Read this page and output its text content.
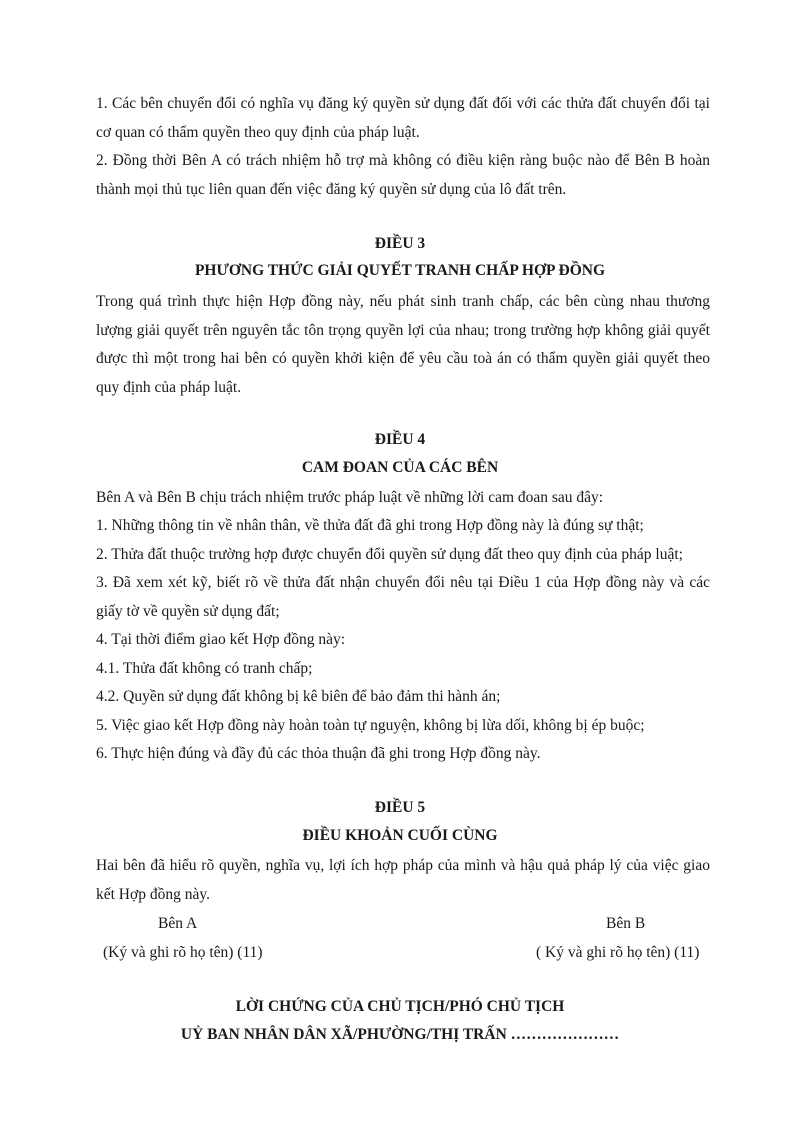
1. Các bên chuyển đổi có nghĩa vụ đăng ký quyền sử dụng đất đối với các thửa đất chuyển đổi tại cơ quan có thẩm quyền theo quy định của pháp luật.
2. Đồng thời Bên A có trách nhiệm hỗ trợ mà không có điều kiện ràng buộc nào để Bên B hoàn thành mọi thủ tục liên quan đến việc đăng ký quyền sử dụng của lô đất trên.
ĐIỀU 3
PHƯƠNG THỨC GIẢI QUYẾT TRANH CHẤP HỢP ĐỒNG
Trong quá trình thực hiện Hợp đồng này, nếu phát sinh tranh chấp, các bên cùng nhau thương lượng giải quyết trên nguyên tắc tôn trọng quyền lợi của nhau; trong trường hợp không giải quyết được thì một trong hai bên có quyền khởi kiện để yêu cầu toà án có thẩm quyền giải quyết theo quy định của pháp luật.
ĐIỀU 4
CAM ĐOAN CỦA CÁC BÊN
Bên A và Bên B chịu trách nhiệm trước pháp luật về những lời cam đoan sau đây:
1. Những thông tin về nhân thân, về thửa đất đã ghi trong Hợp đồng này là đúng sự thật;
2. Thửa đất thuộc trường hợp được chuyển đổi quyền sử dụng đất theo quy định của pháp luật;
3. Đã xem xét kỹ, biết rõ về thửa đất nhận chuyển đổi nêu tại Điều 1 của Hợp đồng này và các giấy tờ về quyền sử dụng đất;
4. Tại thời điểm giao kết Hợp đồng này:
4.1. Thửa đất không có tranh chấp;
4.2. Quyền sử dụng đất không bị kê biên để bảo đảm thi hành án;
5. Việc giao kết Hợp đồng này hoàn toàn tự nguyện, không bị lừa dối, không bị ép buộc;
6. Thực hiện đúng và đầy đủ các thỏa thuận đã ghi trong Hợp đồng này.
ĐIỀU 5
ĐIỀU KHOẢN CUỐI CÙNG
Hai bên đã hiểu rõ quyền, nghĩa vụ, lợi ích hợp pháp của mình và hậu quả pháp lý của việc giao kết Hợp đồng này.
Bên A
(Ký và ghi rõ họ tên) (11)
Bên B
( Ký và ghi rõ họ tên) (11)
LỜI CHỨNG CỦA CHỦ TỊCH/PHÓ CHỦ TỊCH
UỶ BAN NHÂN DÂN XÃ/PHƯỜNG/THỊ TRẤN …………………
